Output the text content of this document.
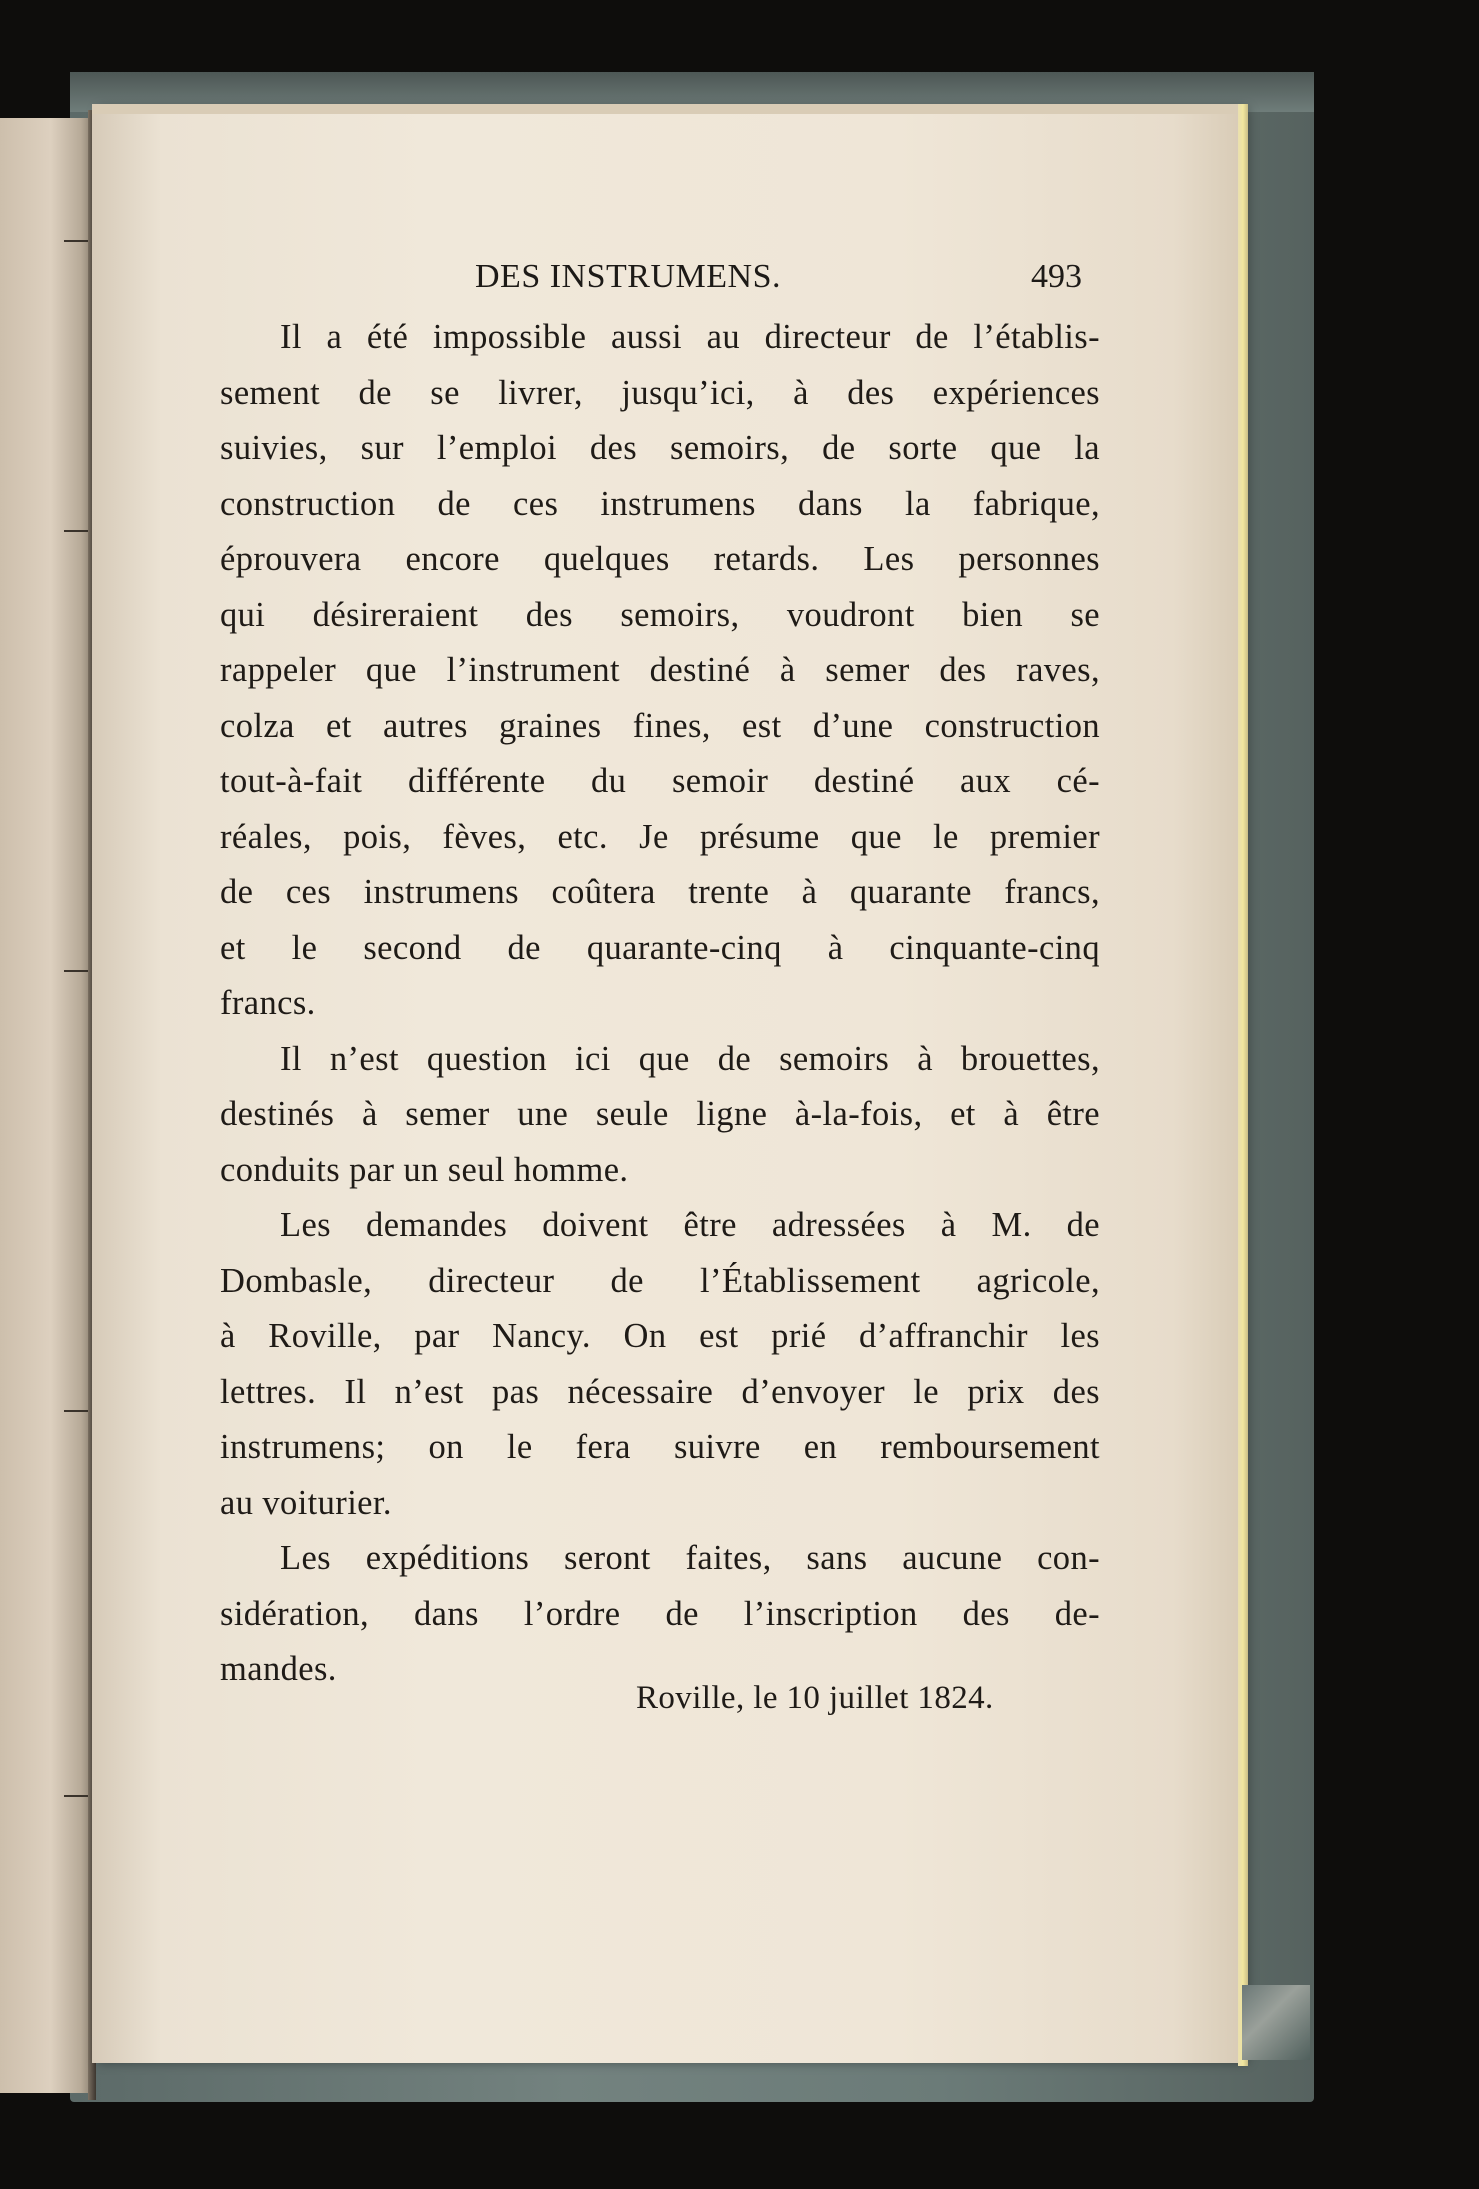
DES INSTRUMENS.	493
Il a été impossible aussi au directeur de l’établis-
sement de se livrer, jusqu’ici, à des expériences
suivies, sur l’emploi des semoirs, de sorte que la
construction de ces instrumens dans la fabrique,
éprouvera encore quelques retards. Les personnes
qui désireraient des semoirs, voudront bien se
rappeler que l’instrument destiné à semer des raves,
colza et autres graines fines, est d’une construction
tout-à-fait différente du semoir destiné aux cé-
réales, pois, fèves, etc. Je présume que le premier
de ces instrumens coûtera trente à quarante francs,
et le second de quarante-cinq à cinquante-cinq
francs.
Il n’est question ici que de semoirs à brouettes,
destinés à semer une seule ligne à-la-fois, et à être
conduits par un seul homme.
Les demandes doivent être adressées à M. de
Dombasle, directeur de l’Établissement agricole,
à Roville, par Nancy. On est prié d’affranchir les
lettres. Il n’est pas nécessaire d’envoyer le prix des
instrumens; on le fera suivre en remboursement
au voiturier.
Les expéditions seront faites, sans aucune con-
sidération, dans l’ordre de l’inscription des de-
mandes.
Roville, le 10 juillet 1824.
